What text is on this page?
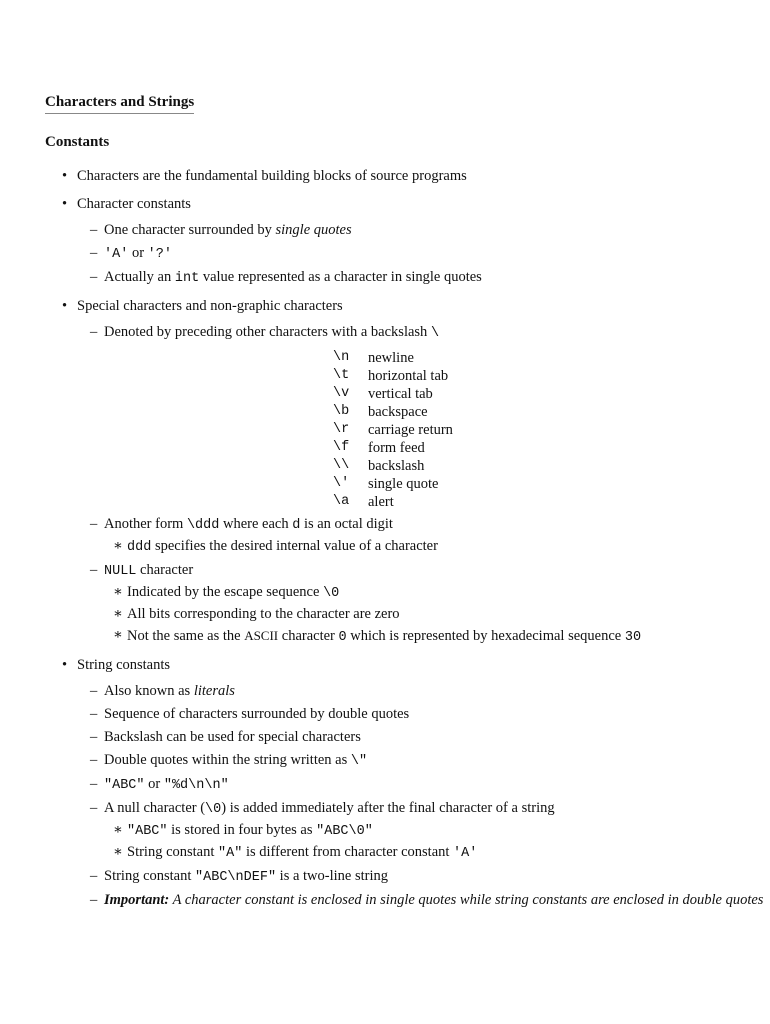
Characters and Strings
Constants
• Characters are the fundamental building blocks of source programs
• Character constants
– One character surrounded by single quotes
– 'A' or '?'
– Actually an int value represented as a character in single quotes
• Special characters and non-graphic characters
– Denoted by preceding other characters with a backslash \
\n	newline
\t	horizontal tab
\v	vertical tab
\b	backspace
\r	carriage return
\f	form feed
\\	backslash
\'	single quote
\a	alert
– Another form \ddd where each d is an octal digit
∗ ddd specifies the desired internal value of a character
– NULL character
∗ Indicated by the escape sequence \0
∗ All bits corresponding to the character are zero
∗ Not the same as the ASCII character 0 which is represented by hexadecimal sequence 30
• String constants
– Also known as literals
– Sequence of characters surrounded by double quotes
– Backslash can be used for special characters
– Double quotes within the string written as \"
– "ABC" or "%d\n\n"
– A null character (\0) is added immediately after the final character of a string
∗ "ABC" is stored in four bytes as "ABC\0"
∗ String constant "A" is different from character constant 'A'
– String constant "ABC\nDEF" is a two-line string
– Important: A character constant is enclosed in single quotes while string constants are enclosed in double quotes
